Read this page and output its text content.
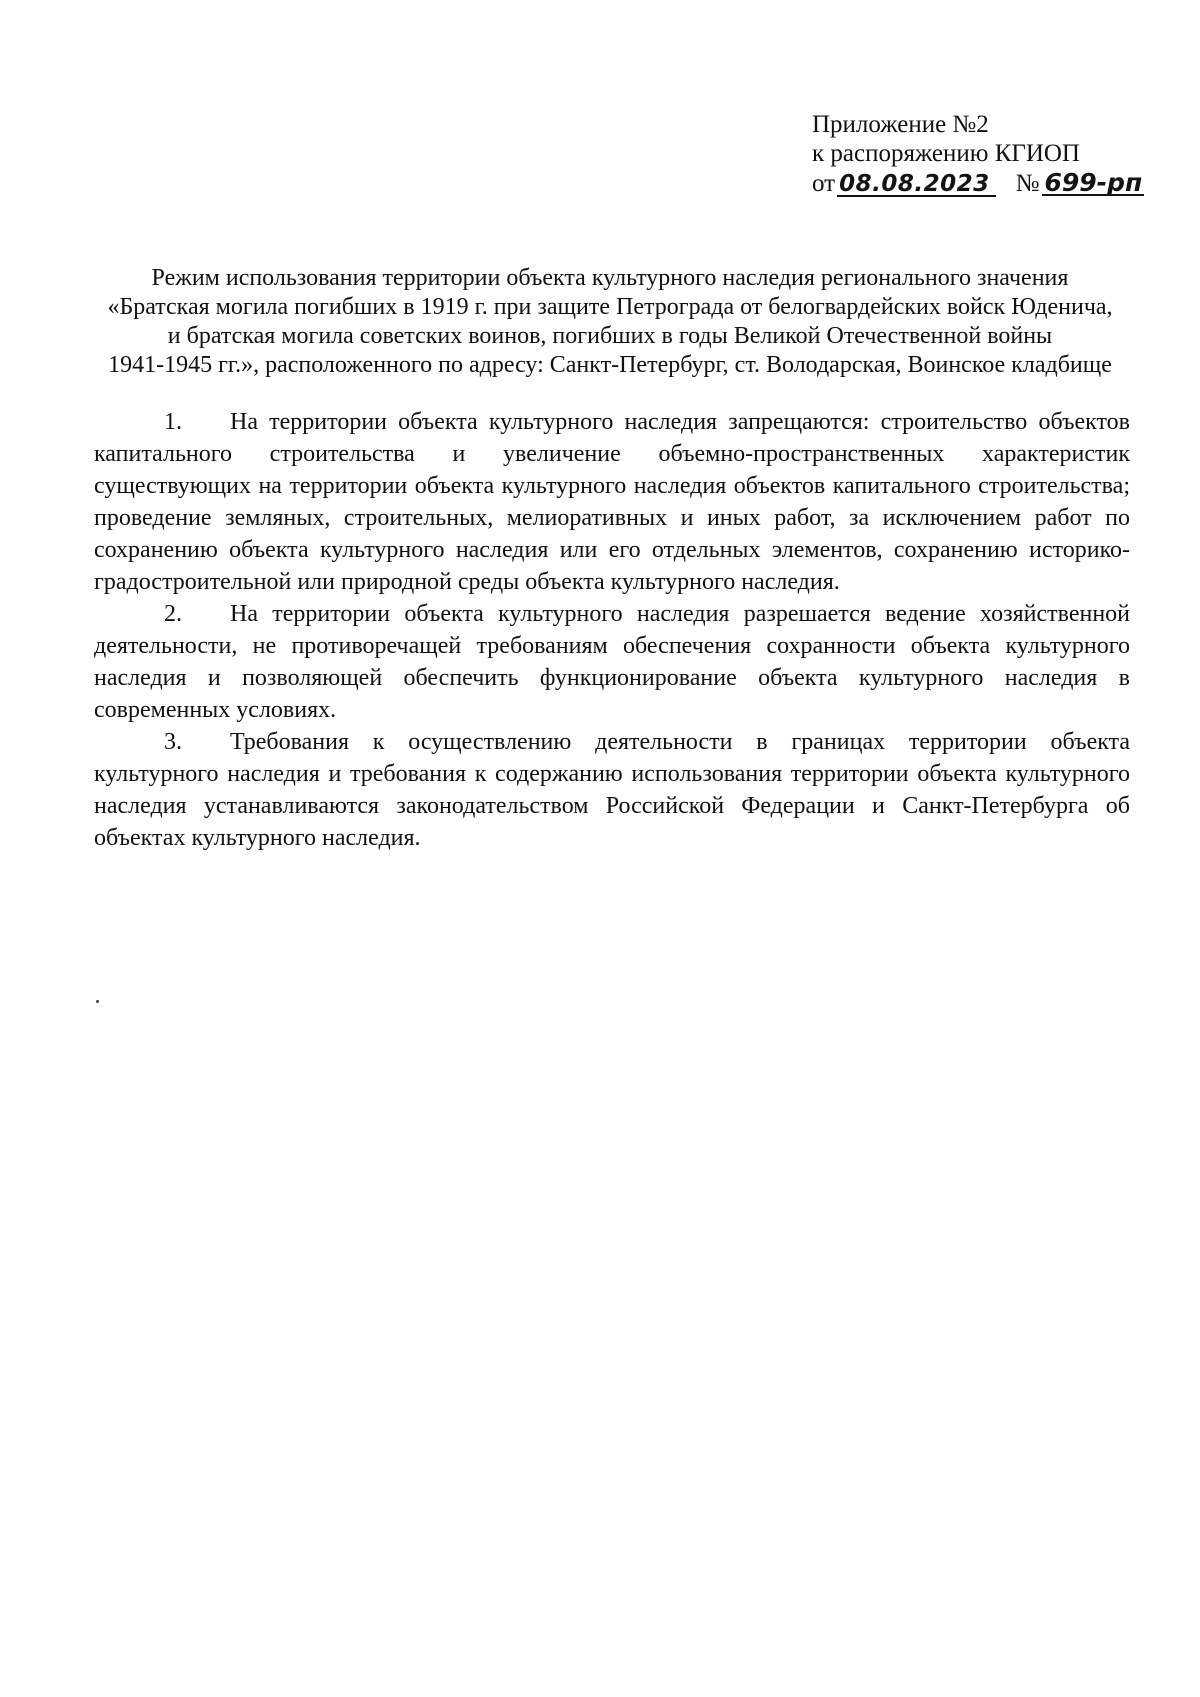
Приложение №2
к распоряжению КГИОП
от 08.08.2023 № 699-рп
Режим использования территории объекта культурного наследия регионального значения
«Братская могила погибших в 1919 г. при защите Петрограда от белогвардейских войск Юденича,
и братская могила советских воинов, погибших в годы Великой Отечественной войны
1941-1945 гг.», расположенного по адресу: Санкт-Петербург, ст. Володарская, Воинское кладбище

1. На территории объекта культурного наследия запрещаются: строительство объектов капитального строительства и увеличение объемно-пространственных характеристик существующих на территории объекта культурного наследия объектов капитального строительства; проведение земляных, строительных, мелиоративных и иных работ, за исключением работ по сохранению объекта культурного наследия или его отдельных элементов, сохранению историко-градостроительной или природной среды объекта культурного наследия.

2. На территории объекта культурного наследия разрешается ведение хозяйственной деятельности, не противоречащей требованиям обеспечения сохранности объекта культурного наследия и позволяющей обеспечить функционирование объекта культурного наследия в современных условиях.

3. Требования к осуществлению деятельности в границах территории объекта культурного наследия и требования к содержанию использования территории объекта культурного наследия устанавливаются законодательством Российской Федерации и Санкт-Петербурга об объектах культурного наследия.
